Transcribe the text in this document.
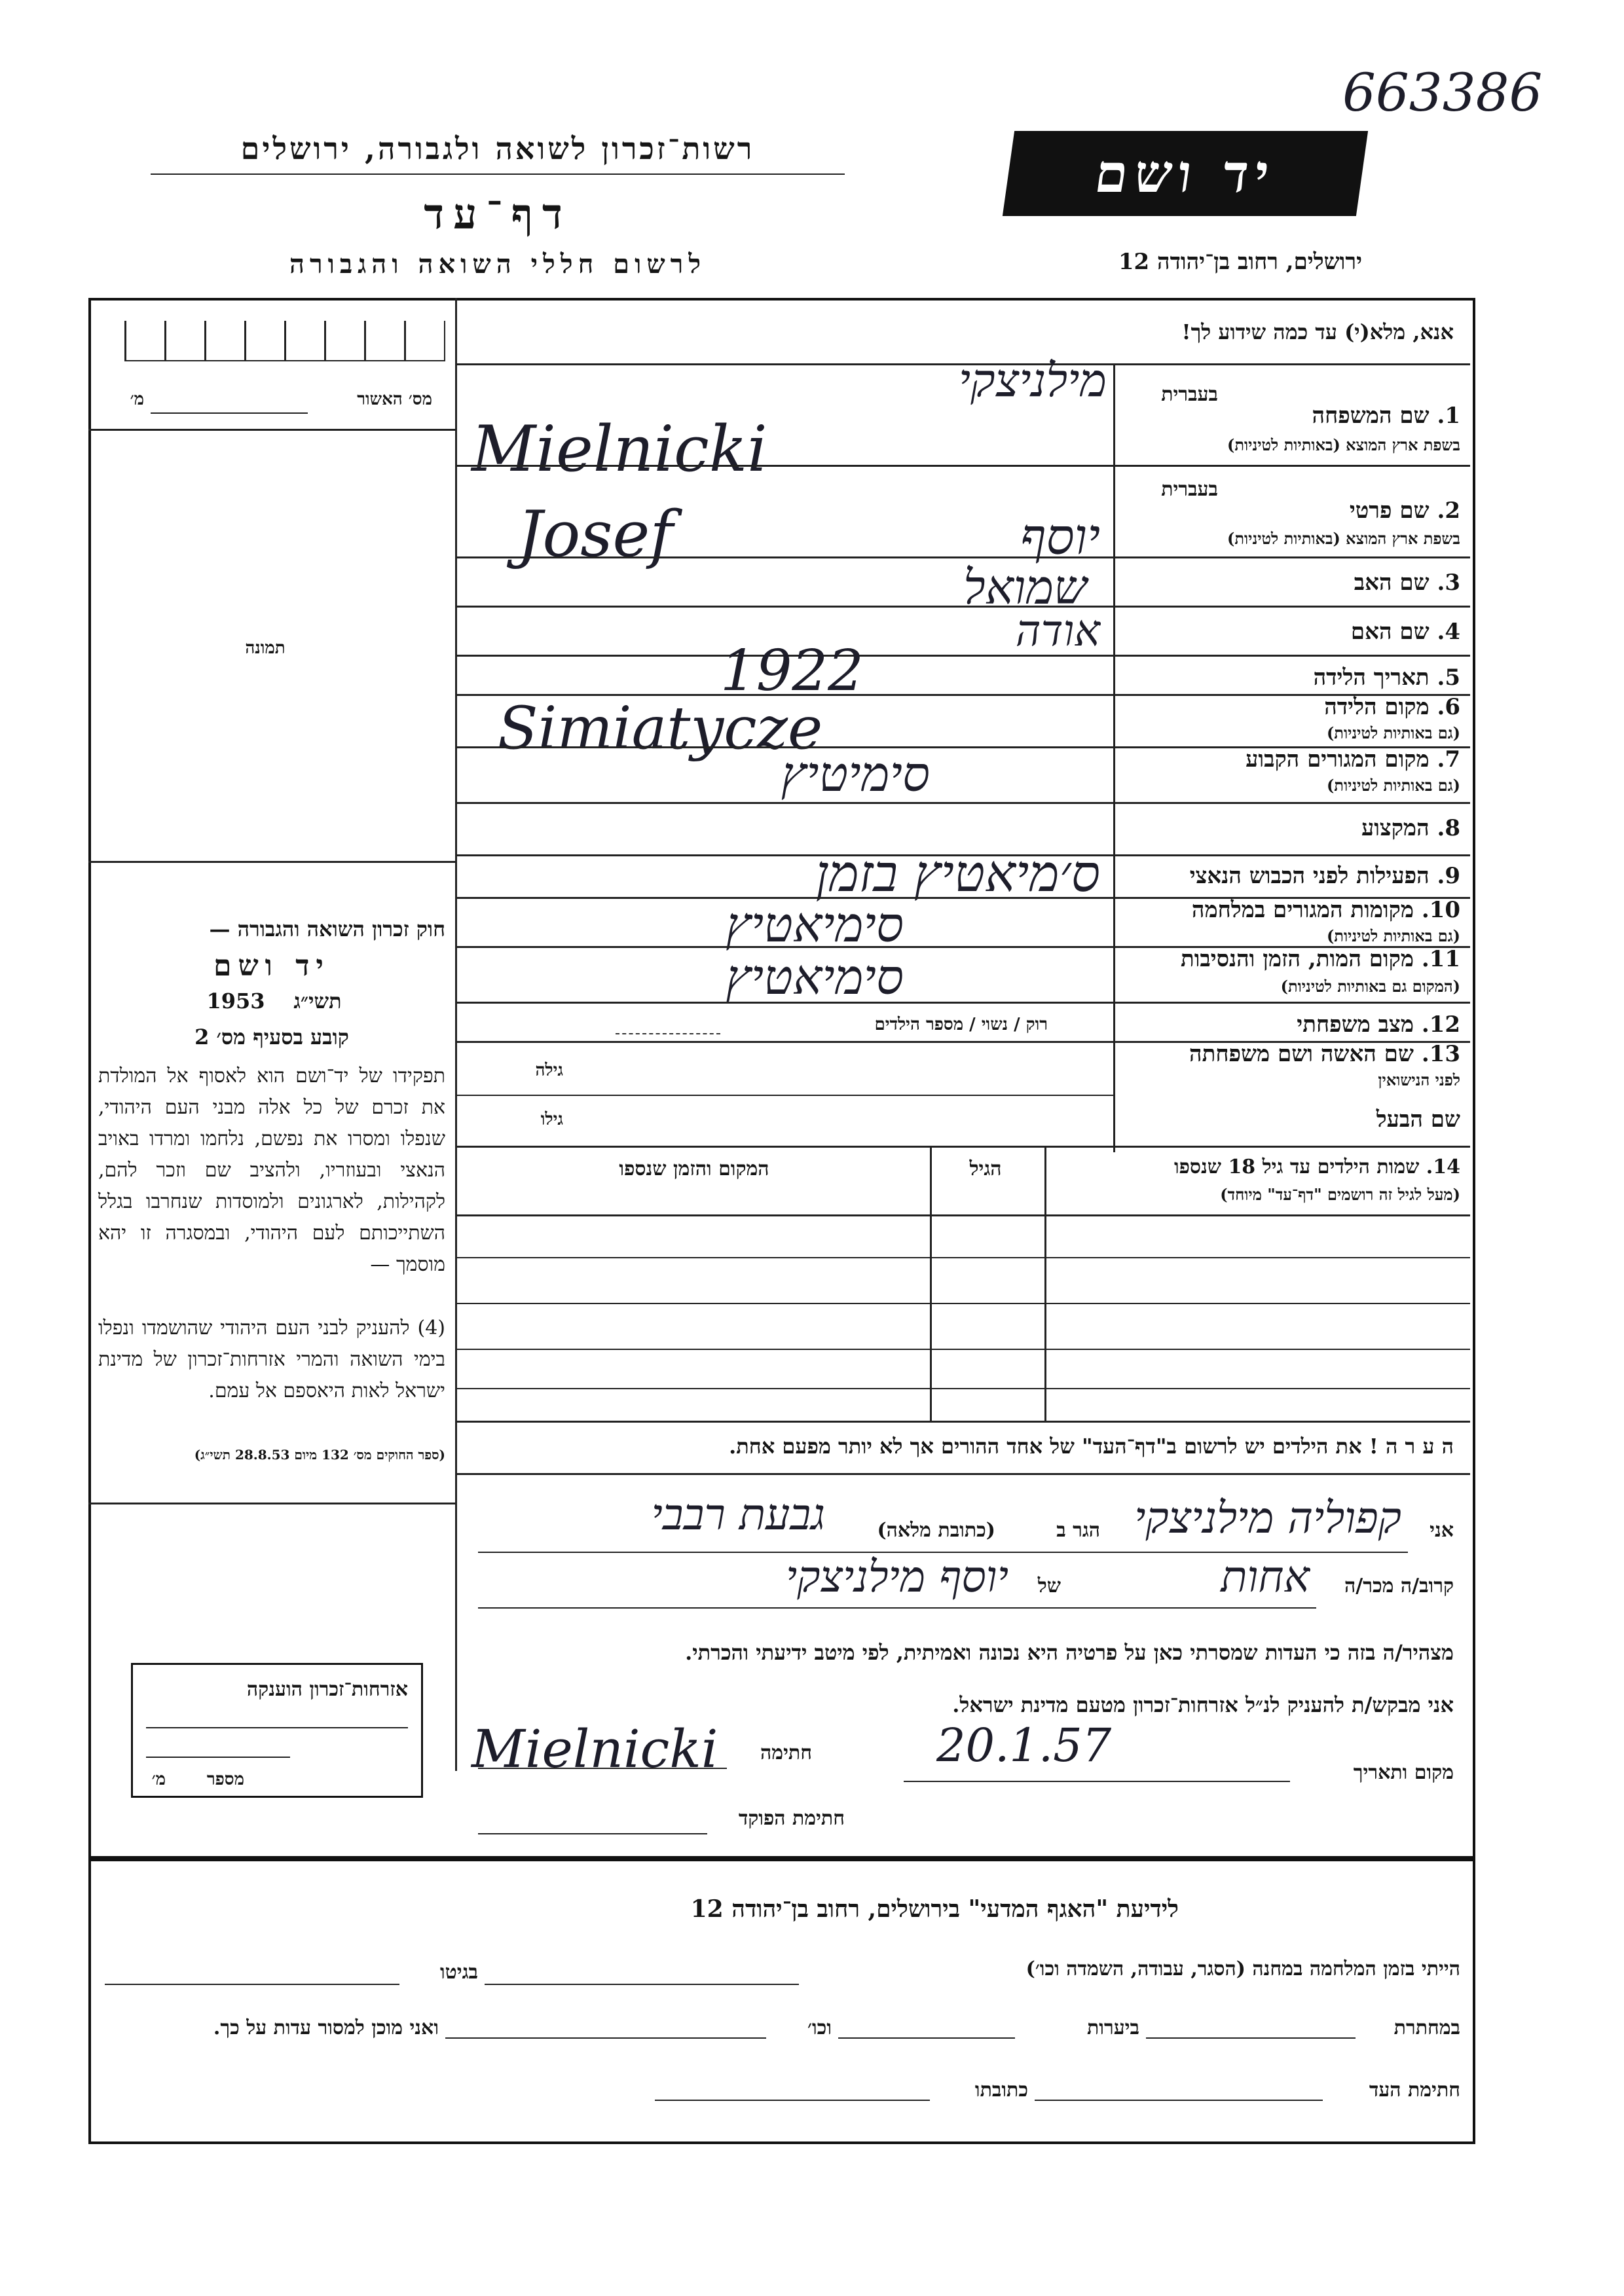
663386
רשות־זכרון לשואה ולגבורה, ירושלים
דף־עד
לרשום חללי השואה והגבורה
יד ושם
ירושלים, רחוב בן־יהודה 12
אנא, מלא(י) עד כמה שידוע לך!
מס׳ האשור
מ׳
תמונה
חוק זכרון השואה והגבורה —
יד ושם
תשי״ג
1953
קובע בסעיף מס׳ 2
תפקידו של יד־ושם הוא לאסוף אל המולדת את זכרם של כל אלה מבני העם היהודי, שנפלו ומסרו את נפשם, נלחמו ומרדו באויב הנאצי ובעוזריו, ולהציב שם וזכר להם, לקהילות, לארגונים ולמוסדות שנחרבו בגלל השתייכותם לעם היהודי, ובמסגרה זו יהא מוסמך —
(4) להעניק לבני העם היהודי שהושמדו ונפלו בימי השואה והמרי אזרחות־זכרון של מדינת ישראל לאות היאספם אל עמם.
(ספר החוקים מס׳ 132 מיום 28.8.53 תשי״ג)
אזרחות־זכרון הוענקה
מספר
מ׳
בעברית
1. שם המשפחה
בשפת ארץ המוצא (באותיות לטיניות)
מילניצקי
Mielnicki
בעברית
2. שם פרטי
בשפת ארץ המוצא (באותיות לטיניות)
יוסף
Josef
3. שם האב
שמואל
4. שם האם
אודה
5. תאריך הלידה
1922
6. מקום הלידה
(גם באותיות לטיניות)
Simiatycze	7. מקום המגורים הקבוע
(גם באותיות לטיניות)
סימיטיץ
8. המקצוע
9. הפעילות לפני הכבוש הנאצי
ס׳מיאטיץ בזמן
10. מקומות המגורים במלחמה
(גם באותיות לטיניות)
סימיאטיץ
11. מקום המות, הזמן והנסיבות
(המקום גם באותיות לטיניות)
סימיאטיץ
12. מצב משפחתי
רוק / נשוי / מספר הילדים
13. שם האשה ושם משפחתה
לפני הנישואין
גילה
שם הבעל
גילו
14. שמות הילדים עד גיל 18 שנספו
(מעל לגיל זה רושמים "דף־עד" מיוחד)
הגיל
המקום והזמן שנספו
ה ע ר ה ! את הילדים יש לרשום ב"דף־העד" של אחד ההורים אך לא יותר מפעם אחת.
אני
קפוליה מילניצקי
הגר ב
(כתובת מלאה)
גבעת רבבי
קרוב/ה מכר/ה
אחות
של
יוסף מילניצקי
מצהיר/ה בזה כי העדות שמסרתי כאן על פרטיה היא נכונה ואמיתית, לפי מיטב ידיעתי והכרתי.
אני מבקש/ת להעניק לנ״ל אזרחות־זכרון מטעם מדינת ישראל.
מקום ותאריך
20.1.57
חתימה
Mielnicki
חתימת הפוקד
לידיעת "האגף המדעי" בירושלים, רחוב בן־יהודה 12
הייתי בזמן המלחמה במחנה (הסגר, עבודה, השמדה וכו׳)
בגיטו
במחתרת
ביערות
וכו׳
ואני מוכן למסור עדות על כך.
חתימת העד
כתובתו
